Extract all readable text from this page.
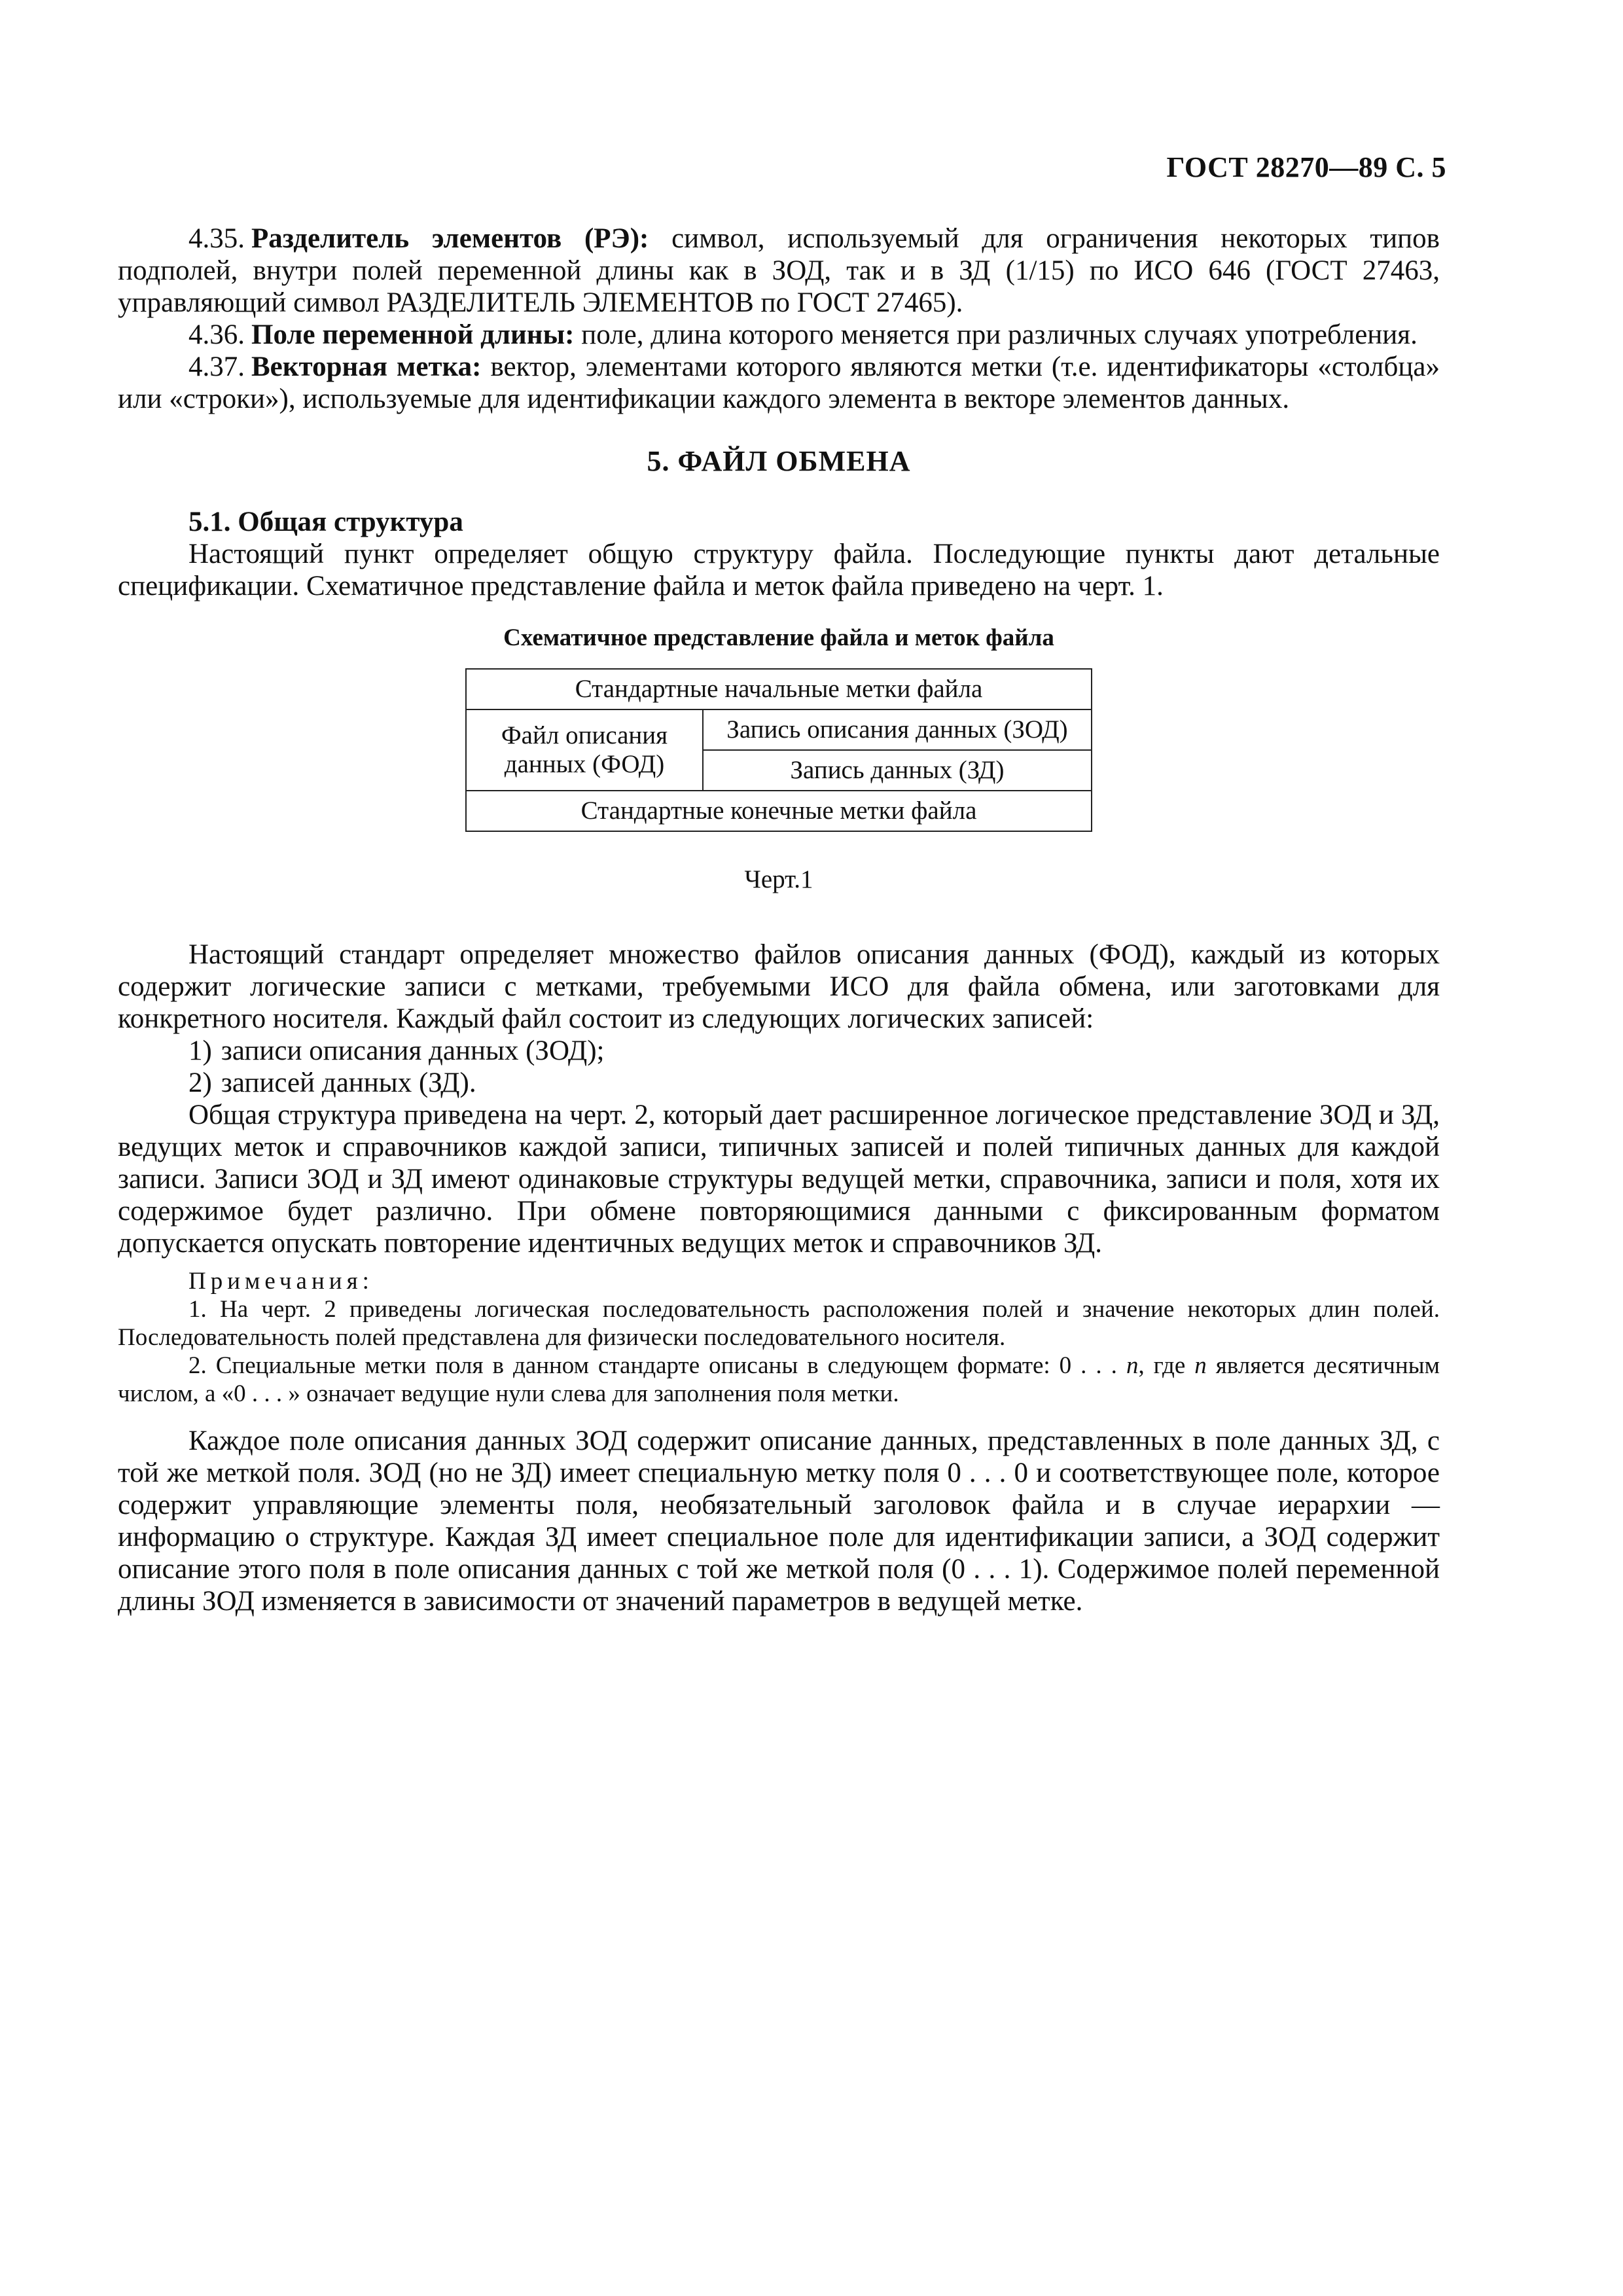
ГОСТ 28270—89 С. 5

4.35. Разделитель элементов (РЭ): символ, используемый для ограничения некоторых типов подполей, внутри полей переменной длины как в ЗОД, так и в ЗД (1/15) по ИСО 646 (ГОСТ 27463, управляющий символ РАЗДЕЛИТЕЛЬ ЭЛЕМЕНТОВ по ГОСТ 27465).

4.36. Поле переменной длины: поле, длина которого меняется при различных случаях употребления.

4.37. Векторная метка: вектор, элементами которого являются метки (т.е. идентификаторы «столбца» или «строки»), используемые для идентификации каждого элемента в векторе элементов данных.

5. ФАЙЛ ОБМЕНА

5.1. Общая структура

Настоящий пункт определяет общую структуру файла. Последующие пункты дают детальные спецификации. Схематичное представление файла и меток файла приведено на черт. 1.

Схематичное представление файла и меток файла
Стандартные начальные метки файла
Файл описания данных (ФОД)	Запись описания данных (ЗОД)
Запись данных (ЗД)
Стандартные конечные метки файла
Черт.1

Настоящий стандарт определяет множество файлов описания данных (ФОД), каждый из которых содержит логические записи с метками, требуемыми ИСО для файла обмена, или заготовками для конкретного носителя. Каждый файл состоит из следующих логических записей:

1) записи описания данных (ЗОД);

2) записей данных (ЗД).

Общая структура приведена на черт. 2, который дает расширенное логическое представление ЗОД и ЗД, ведущих меток и справочников каждой записи, типичных записей и полей типичных данных для каждой записи. Записи ЗОД и ЗД имеют одинаковые структуры ведущей метки, справочника, записи и поля, хотя их содержимое будет различно. При обмене повторяющимися данными с фиксированным форматом допускается опускать повторение идентичных ведущих меток и справочников ЗД.

Примечания:

1. На черт. 2 приведены логическая последовательность расположения полей и значение некоторых длин полей. Последовательность полей представлена для физически последовательного носителя.

2. Специальные метки поля в данном стандарте описаны в следующем формате: 0 . . . n, где n является десятичным числом, а «0 . . . » означает ведущие нули слева для заполнения поля метки.

Каждое поле описания данных ЗОД содержит описание данных, представленных в поле данных ЗД, с той же меткой поля. ЗОД (но не ЗД) имеет специальную метку поля 0 . . . 0 и соответствующее поле, которое содержит управляющие элементы поля, необязательный заголовок файла и в случае иерархии — информацию о структуре. Каждая ЗД имеет специальное поле для идентификации записи, а ЗОД содержит описание этого поля в поле описания данных с той же меткой поля (0 . . . 1). Содержимое полей переменной длины ЗОД изменяется в зависимости от значений параметров в ведущей метке.
